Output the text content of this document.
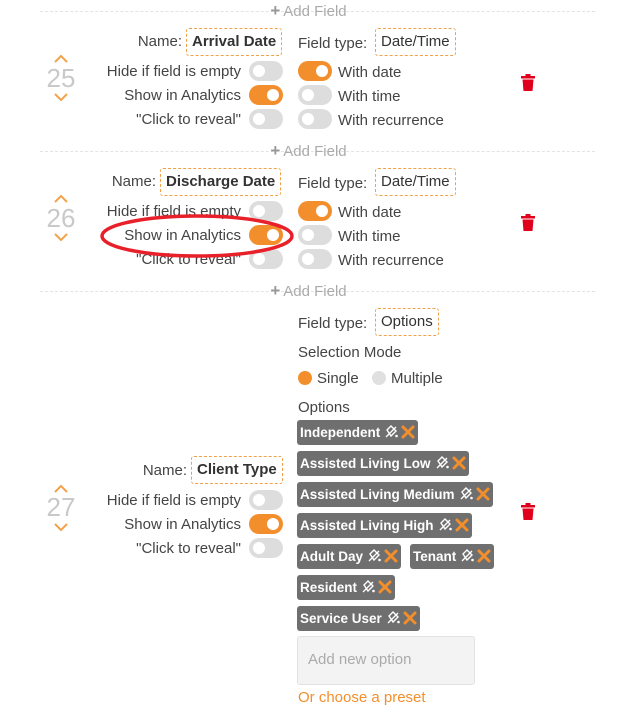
+ Add Field
25
Name: Arrival Date	Field type: Date/Time
Hide if field is empty
Show in Analytics
"Click to reveal"
With date
With time
With recurrence
+ Add Field
26
Name: Discharge Date	Field type: Date/Time
Hide if field is empty
Show in Analytics
"Click to reveal"
With date
With time
With recurrence
+ Add Field
27
Name: Client Type
Hide if field is empty
Show in Analytics
"Click to reveal"
Field type: Options
Selection Mode
Single Multiple
Options
Independent
Assisted Living Low
Assisted Living Medium
Assisted Living High
Adult Day	Tenant
Resident
Service User
Add new option
Or choose a preset
